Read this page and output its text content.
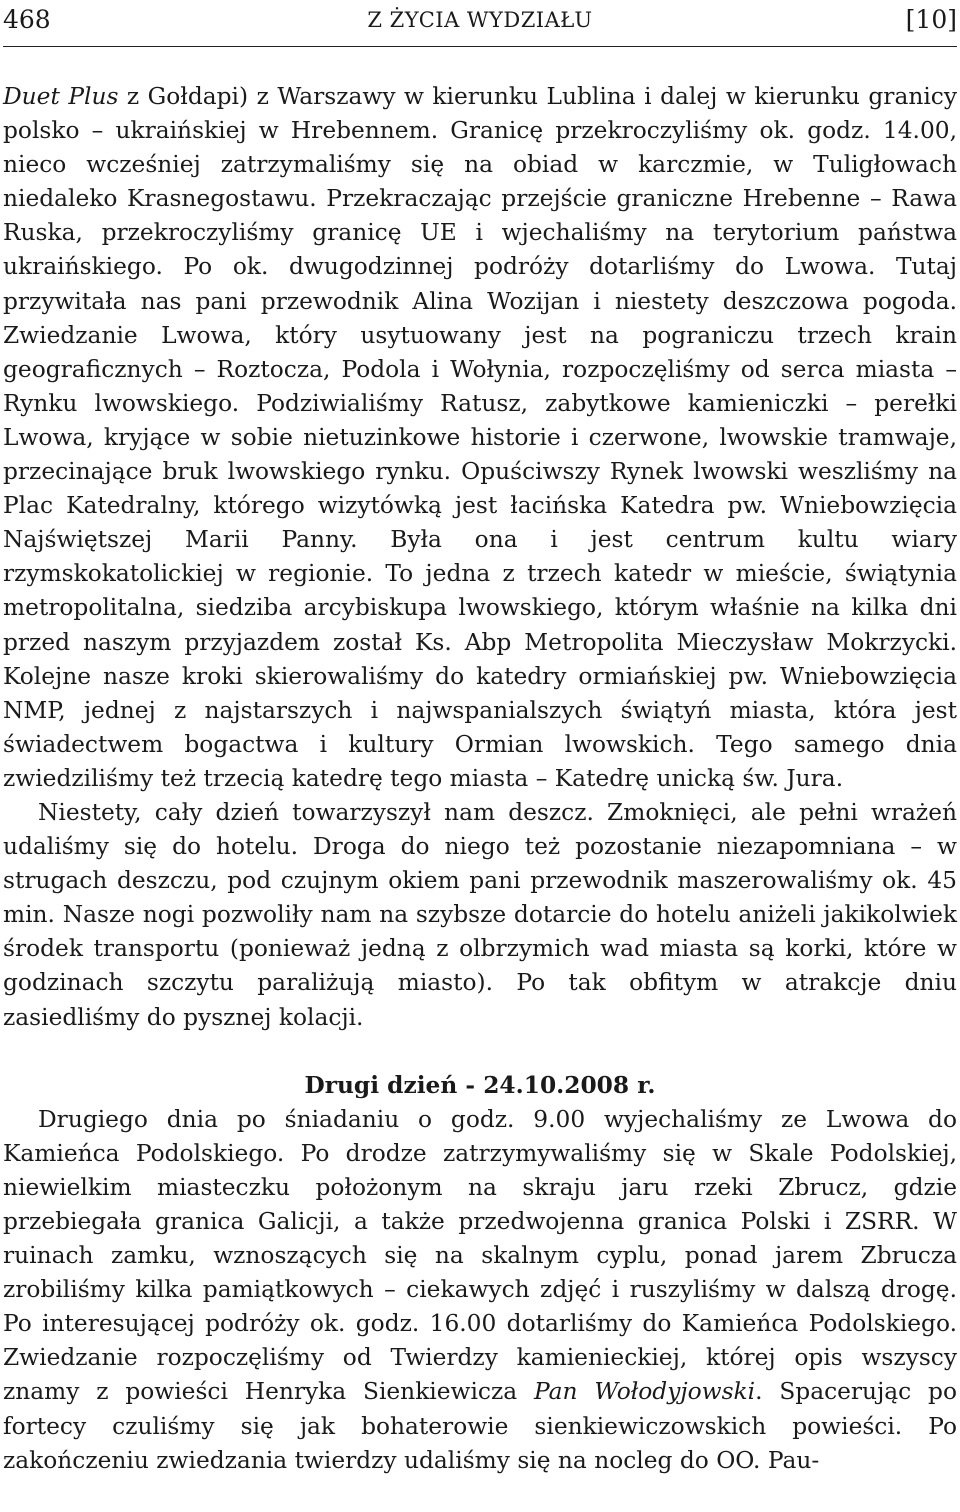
468	Z ŻYCIA WYDZIAŁU	[10]

Duet Plus z Gołdapi) z Warszawy w kierunku Lublina i dalej w kierunku granicy polsko – ukraińskiej w Hrebennem. Granicę przekroczyliśmy ok. godz. 14.00, nieco wcześniej zatrzymaliśmy się na obiad w karczmie, w Tuligłowach niedaleko Krasnegostawu. Przekraczając przejście graniczne Hrebenne – Rawa Ruska, przekroczyliśmy granicę UE i wjechaliśmy na terytorium państwa ukraińskiego. Po ok. dwugodzinnej podróży dotarliśmy do Lwowa. Tutaj przywitała nas pani przewodnik Alina Wozijan i niestety deszczowa pogoda. Zwiedzanie Lwowa, który usytuowany jest na pograniczu trzech krain geograficznych – Roztocza, Podola i Wołynia, rozpoczęliśmy od serca miasta – Rynku lwowskiego. Podziwialiśmy Ratusz, zabytkowe kamieniczki – perełki Lwowa, kryjące w sobie nietuzinkowe historie i czerwone, lwowskie tramwaje, przecinające bruk lwowskiego rynku. Opuściwszy Rynek lwowski weszliśmy na Plac Katedralny, którego wizytówką jest łacińska Katedra pw. Wniebowzięcia Najświętszej Marii Panny. Była ona i jest centrum kultu wiary rzymskokatolickiej w regionie. To jedna z trzech katedr w mieście, świątynia metropolitalna, siedziba arcybiskupa lwowskiego, którym właśnie na kilka dni przed naszym przyjazdem został Ks. Abp Metropolita Mieczysław Mokrzycki. Kolejne nasze kroki skierowaliśmy do katedry ormiańskiej pw. Wniebowzięcia NMP, jednej z najstarszych i najwspanialszych świątyń miasta, która jest świadectwem bogactwa i kultury Ormian lwowskich. Tego samego dnia zwiedziliśmy też trzecią katedrę tego miasta – Katedrę unicką św. Jura.

Niestety, cały dzień towarzyszył nam deszcz. Zmoknięci, ale pełni wrażeń udaliśmy się do hotelu. Droga do niego też pozostanie niezapomniana – w strugach deszczu, pod czujnym okiem pani przewodnik maszerowaliśmy ok. 45 min. Nasze nogi pozwoliły nam na szybsze dotarcie do hotelu aniżeli jakikolwiek środek transportu (ponieważ jedną z olbrzymich wad miasta są korki, które w godzinach szczytu paraliżują miasto). Po tak obfitym w atrakcje dniu zasiedliśmy do pysznej kolacji.

Drugi dzień - 24.10.2008 r.

Drugiego dnia po śniadaniu o godz. 9.00 wyjechaliśmy ze Lwowa do Kamieńca Podolskiego. Po drodze zatrzymywaliśmy się w Skale Podolskiej, niewielkim miasteczku położonym na skraju jaru rzeki Zbrucz, gdzie przebiegała granica Galicji, a także przedwojenna granica Polski i ZSRR. W ruinach zamku, wznoszących się na skalnym cyplu, ponad jarem Zbrucza zrobiliśmy kilka pamiątkowych – ciekawych zdjęć i ruszyliśmy w dalszą drogę. Po interesującej podróży ok. godz. 16.00 dotarliśmy do Kamieńca Podolskiego. Zwiedzanie rozpoczęliśmy od Twierdzy kamienieckiej, której opis wszyscy znamy z powieści Henryka Sienkiewicza Pan Wołodyjowski. Spacerując po fortecy czuliśmy się jak bohaterowie sienkiewiczowskich powieści. Po zakończeniu zwiedzania twierdzy udaliśmy się na nocleg do OO. Pau-
